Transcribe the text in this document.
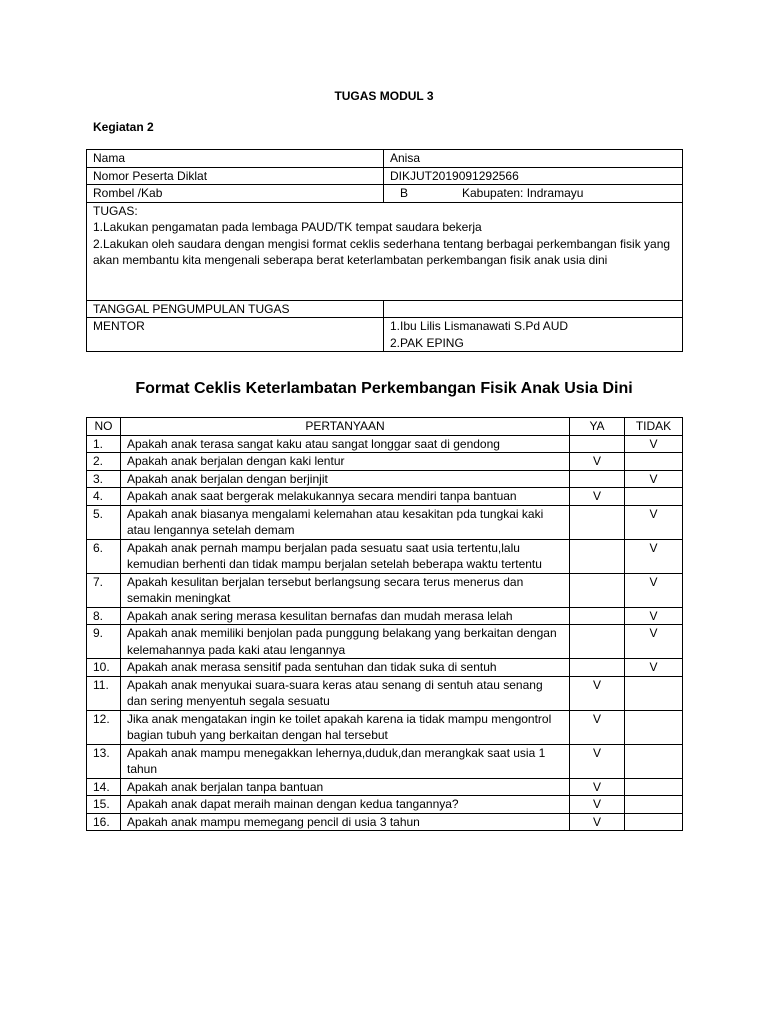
TUGAS MODUL 3
Kegiatan 2
Nama	Anisa
Nomor Peserta Diklat	DIKJUT2019091292566
Rombel /Kab	B Kabupaten: Indramayu

TUGAS:
1.Lakukan pengamatan pada lembaga PAUD/TK tempat saudara bekerja
2.Lakukan oleh saudara dengan mengisi format ceklis sederhana tentang berbagai perkembangan fisik yang akan membantu kita mengenali seberapa berat keterlambatan perkembangan fisik anak usia dini	

TANGGAL PENGUMPULAN TUGAS	
MENTOR	1.Ibu Lilis Lismanawati S.Pd AUD
2.PAK EPING
Format Ceklis Keterlambatan Perkembangan Fisik Anak Usia Dini
NO	PERTANYAAN	YA	TIDAK
1.	Apakah anak terasa sangat kaku atau sangat longgar saat di gendong		V
2.	Apakah anak berjalan dengan kaki lentur	V	
3.	Apakah anak berjalan dengan berjinjit		V
4.	Apakah anak saat bergerak melakukannya secara mendiri tanpa bantuan	V	
5.	Apakah anak biasanya mengalami kelemahan atau kesakitan pda tungkai kaki atau lengannya setelah demam		V
6.	Apakah anak pernah mampu berjalan pada sesuatu saat usia tertentu,lalu kemudian berhenti dan tidak mampu berjalan setelah beberapa waktu tertentu		V
7.	Apakah kesulitan berjalan tersebut berlangsung secara terus menerus dan semakin meningkat		V
8.	Apakah anak sering merasa kesulitan bernafas dan mudah merasa lelah		V
9.	Apakah anak memiliki benjolan pada punggung belakang yang berkaitan dengan kelemahannya pada kaki atau lengannya		V
10.	Apakah anak merasa sensitif pada sentuhan dan tidak suka di sentuh		V
11.	Apakah anak menyukai suara-suara keras atau senang di sentuh atau senang dan sering menyentuh segala sesuatu	V	
12.	Jika anak mengatakan ingin ke toilet apakah karena ia tidak mampu mengontrol bagian tubuh yang berkaitan dengan hal tersebut	V	
13.	Apakah anak mampu menegakkan lehernya,duduk,dan merangkak saat usia 1 tahun	V	
14.	Apakah anak berjalan tanpa bantuan	V	
15.	Apakah anak dapat meraih mainan dengan kedua tangannya?	V	
16.	Apakah anak mampu memegang pencil di usia 3 tahun	V	
